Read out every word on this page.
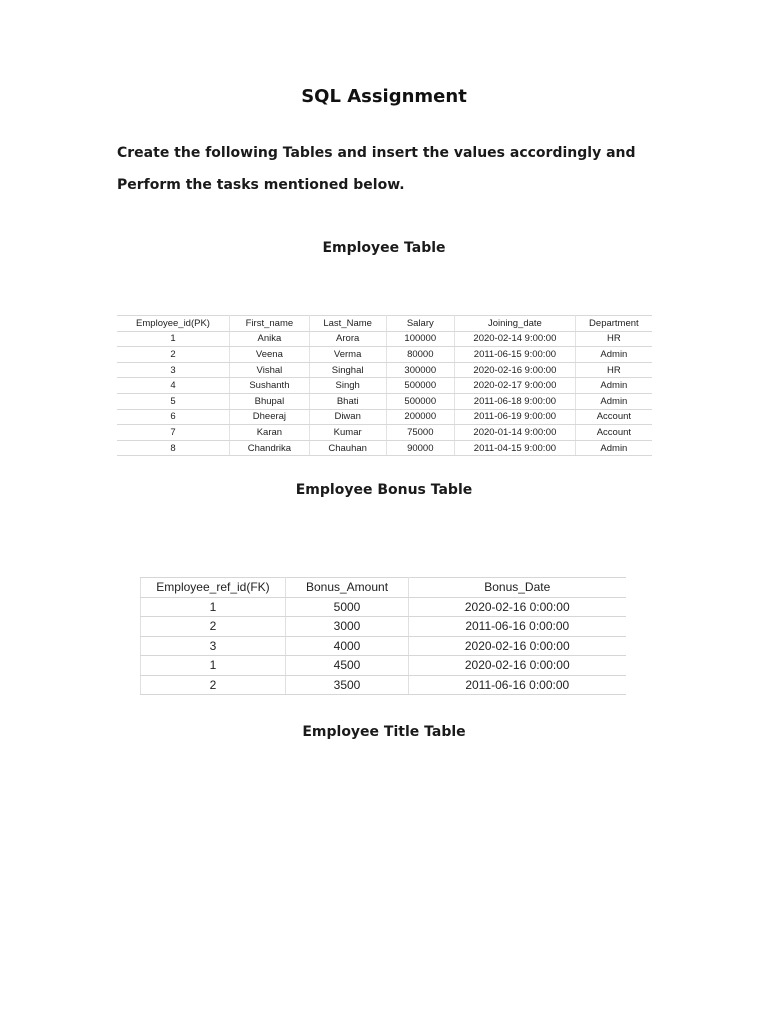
SQL Assignment
Create the following Tables and insert the values accordingly and
Perform the tasks mentioned below.
Employee Table
Employee_id(PK)	First_name	Last_Name	Salary	Joining_date	Department
1	Anika	Arora	100000	2020-02-14 9:00:00	HR
2	Veena	Verma	80000	2011-06-15 9:00:00	Admin
3	Vishal	Singhal	300000	2020-02-16 9:00:00	HR
4	Sushanth	Singh	500000	2020-02-17 9:00:00	Admin
5	Bhupal	Bhati	500000	2011-06-18 9:00:00	Admin
6	Dheeraj	Diwan	200000	2011-06-19 9:00:00	Account
7	Karan	Kumar	75000	2020-01-14 9:00:00	Account
8	Chandrika	Chauhan	90000	2011-04-15 9:00:00	Admin
Employee Bonus Table
Employee_ref_id(FK)	Bonus_Amount	Bonus_Date
1	5000	2020-02-16 0:00:00
2	3000	2011-06-16 0:00:00
3	4000	2020-02-16 0:00:00
1	4500	2020-02-16 0:00:00
2	3500	2011-06-16 0:00:00
Employee Title Table
